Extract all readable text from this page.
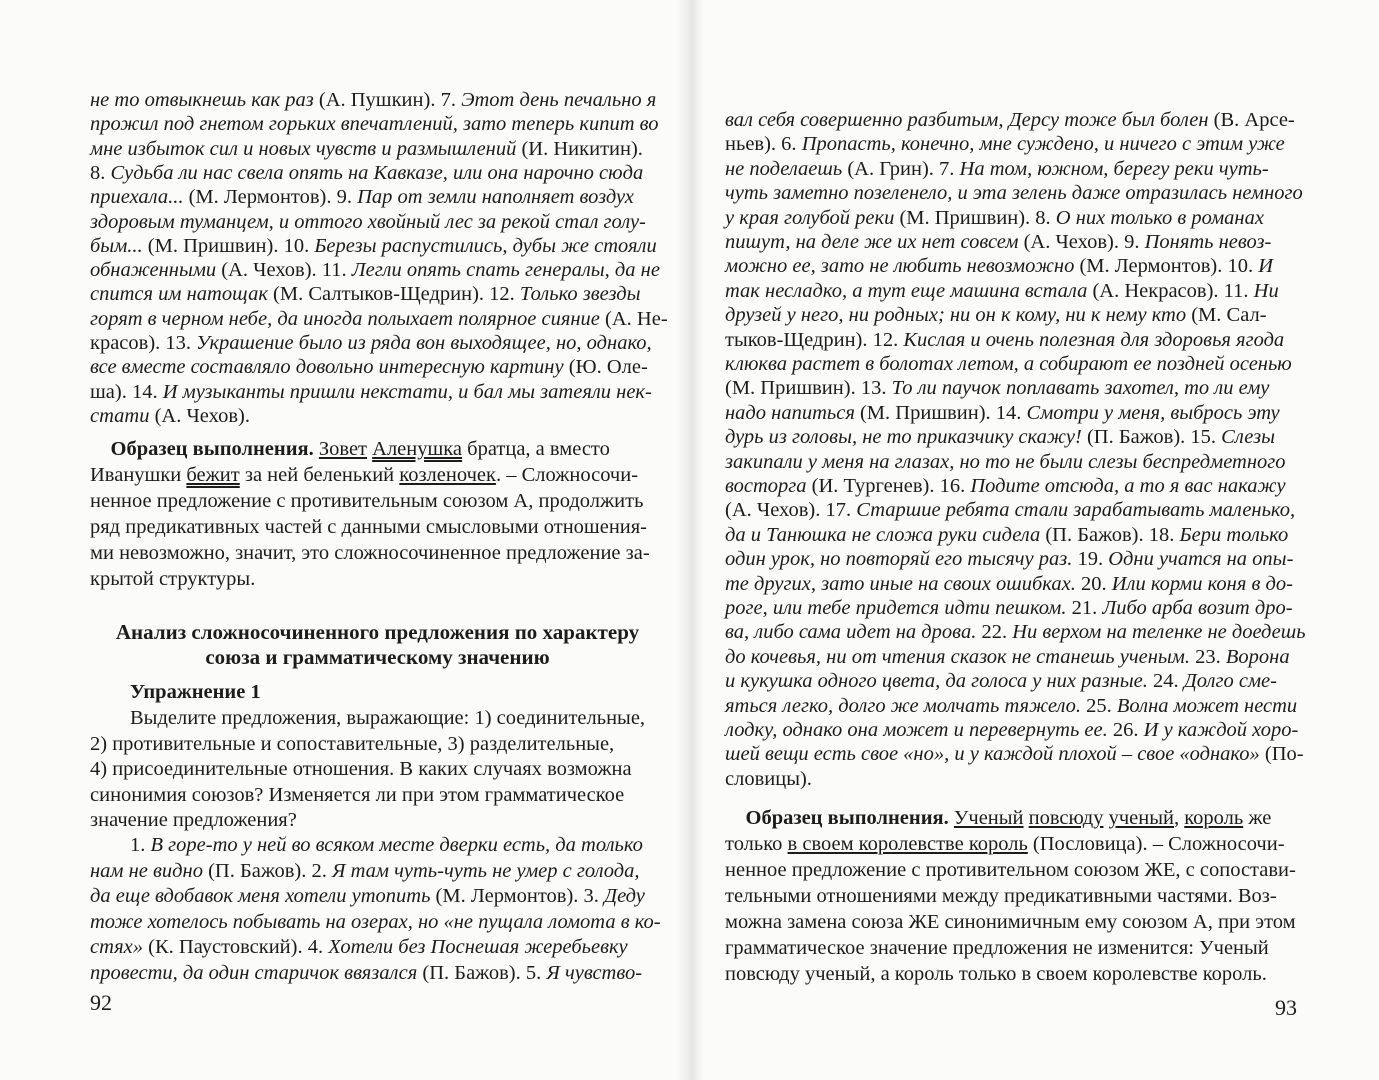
не то отвыкнешь как раз (А. Пушкин). 7. Этот день печально я
прожил под гнетом горьких впечатлений, зато теперь кипит во
мне избыток сил и новых чувств и размышлений (И. Никитин).
8. Судьба ли нас свела опять на Кавказе, или она нарочно сюда
приехала... (М. Лермонтов). 9. Пар от земли наполняет воздух
здоровым туманцем, и оттого хвойный лес за рекой стал голу-
бым... (М. Пришвин). 10. Березы распустились, дубы же стояли
обнаженными (А. Чехов). 11. Легли опять спать генералы, да не
спится им натощак (М. Салтыков-Щедрин). 12. Только звезды
горят в черном небе, да иногда полыхает полярное сияние (А. Не-
красов). 13. Украшение было из ряда вон выходящее, но, однако,
все вместе составляло довольно интересную картину (Ю. Оле-
ша). 14. И музыканты пришли некстати, и бал мы затеяли нек-
стати (А. Чехов).
Образец выполнения. Зовет Аленушка братца, а вместо
Иванушки бежит за ней беленький козленочек. – Сложносочи-
ненное предложение с противительным союзом А, продолжить
ряд предикативных частей с данными смысловыми отношения-
ми невозможно, значит, это сложносочиненное предложение за-
крытой структуры.
Анализ сложносочиненного предложения по характеру
союза и грамматическому значению
Упражнение 1
Выделите предложения, выражающие: 1) соединительные,
2) противительные и сопоставительные, 3) разделительные,
4) присоединительные отношения. В каких случаях возможна
синонимия союзов? Изменяется ли при этом грамматическое
значение предложения?
1. В горе-то у ней во всяком месте дверки есть, да только
нам не видно (П. Бажов). 2. Я там чуть-чуть не умер с голода,
да еще вдобавок меня хотели утопить (М. Лермонтов). 3. Деду
тоже хотелось побывать на озерах, но «не пущала ломота в ко-
стях» (К. Паустовский). 4. Хотели без Поснешая жеребьевку
провести, да один старичок ввязался (П. Бажов). 5. Я чувство-
92
вал себя совершенно разбитым, Дерсу тоже был болен (В. Арсе-
ньев). 6. Пропасть, конечно, мне суждено, и ничего с этим уже
не поделаешь (А. Грин). 7. На том, южном, берегу реки чуть-
чуть заметно позеленело, и эта зелень даже отразилась немного
у края голубой реки (М. Пришвин). 8. О них только в романах
пишут, на деле же их нет совсем (А. Чехов). 9. Понять невоз-
можно ее, зато не любить невозможно (М. Лермонтов). 10. И
так несладко, а тут еще машина встала (А. Некрасов). 11. Ни
друзей у него, ни родных; ни он к кому, ни к нему кто (М. Сал-
тыков-Щедрин). 12. Кислая и очень полезная для здоровья ягода
клюква растет в болотах летом, а собирают ее поздней осенью
(М. Пришвин). 13. То ли паучок поплавать захотел, то ли ему
надо напиться (М. Пришвин). 14. Смотри у меня, выбрось эту
дурь из головы, не то приказчику скажу! (П. Бажов). 15. Слезы
закипали у меня на глазах, но то не были слезы беспредметного
восторга (И. Тургенев). 16. Подите отсюда, а то я вас накажу
(А. Чехов). 17. Старшие ребята стали зарабатывать маленько,
да и Танюшка не сложа руки сидела (П. Бажов). 18. Бери только
один урок, но повторяй его тысячу раз. 19. Одни учатся на опы-
те других, зато иные на своих ошибках. 20. Или корми коня в до-
роге, или тебе придется идти пешком. 21. Либо арба возит дро-
ва, либо сама идет на дрова. 22. Ни верхом на теленке не доедешь
до кочевья, ни от чтения сказок не станешь ученым. 23. Ворона
и кукушка одного цвета, да голоса у них разные. 24. Долго сме-
яться легко, долго же молчать тяжело. 25. Волна может нести
лодку, однако она может и перевернуть ее. 26. И у каждой хоро-
шей вещи есть свое «но», и у каждой плохой – свое «однако» (По-
словицы).
Образец выполнения. Ученый повсюду ученый, король же
только в своем королевстве король (Пословица). – Сложносочи-
ненное предложение с противительном союзом ЖЕ, с сопостави-
тельными отношениями между предикативными частями. Воз-
можна замена союза ЖЕ синонимичным ему союзом А, при этом
грамматическое значение предложения не изменится: Ученый
повсюду ученый, а король только в своем королевстве король.
93
